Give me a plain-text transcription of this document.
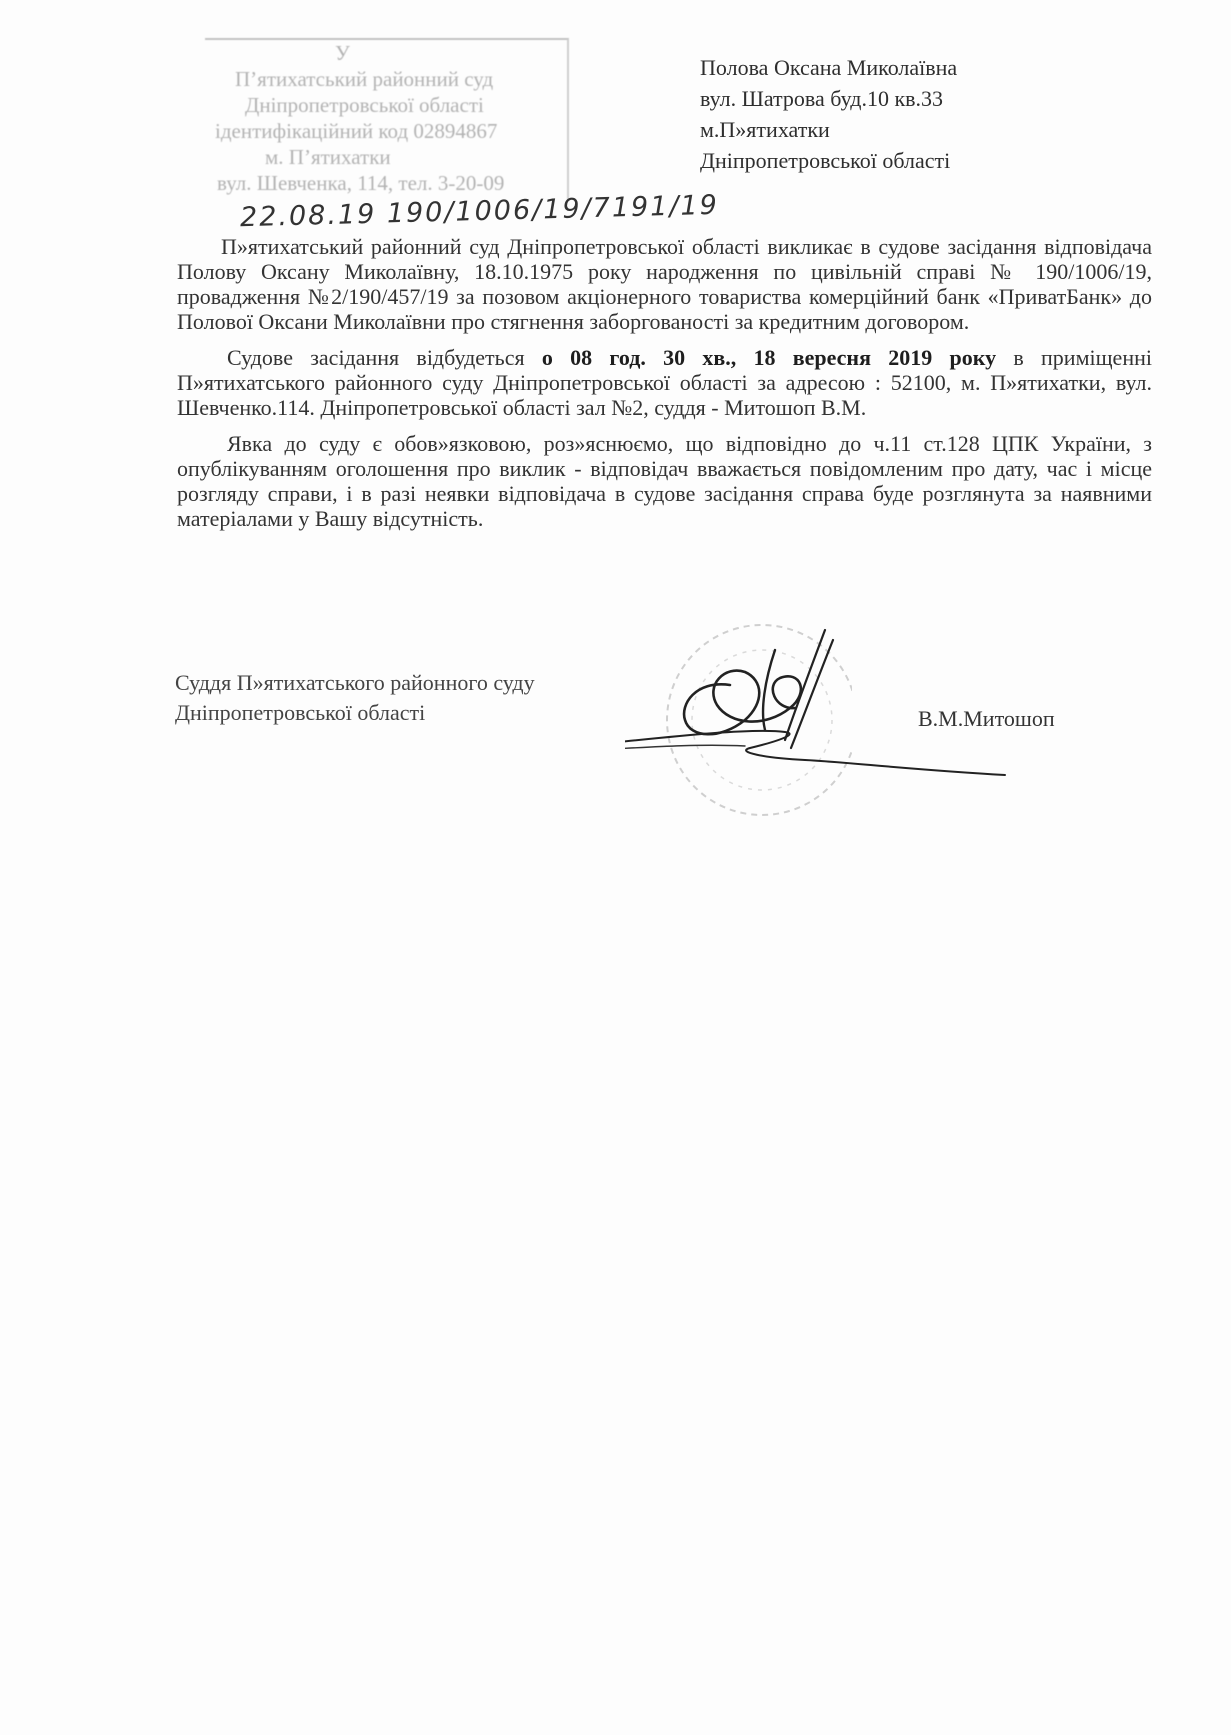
У
Пʼятихатський районний суд
Дніпропетровської області
ідентифікаційний код 02894867
м. Пʼятихатки
вул. Шевченка, 114, тел. 3-20-09
22.08.19 190/1006/19/7191/19
Полова Оксана Миколаївна
вул. Шатрова буд.10 кв.33
м.П»ятихатки
Дніпропетровської області

П»ятихатський районний суд Дніпропетровської області викликає в судове засідання відповідача Полову Оксану Миколаївну, 18.10.1975 року народження по цивільній справі № 190/1006/19, провадження №2/190/457/19 за позовом акціонерного товариства комерційний банк «ПриватБанк» до Полової Оксани Миколаївни про стягнення заборгованості за кредитним договором.

Судове засідання відбудеться о 08 год. 30 хв., 18 вересня 2019 року в приміщенні П»ятихатського районного суду Дніпропетровської області за адресою : 52100, м. П»ятихатки, вул. Шевченко.114. Дніпропетровської області зал №2, суддя - Митошоп В.М.

Явка до суду є обов»язковою, роз»яснюємо, що відповідно до ч.11 ст.128 ЦПК України, з опублікуванням оголошення про виклик - відповідач вважається повідомленим про дату, час і місце розгляду справи, і в разі неявки відповідача в судове засідання справа буде розглянута за наявними матеріалами у Вашу відсутність.

Суддя П»ятихатського районного суду
Дніпропетровської області	В.М.Митошоп
